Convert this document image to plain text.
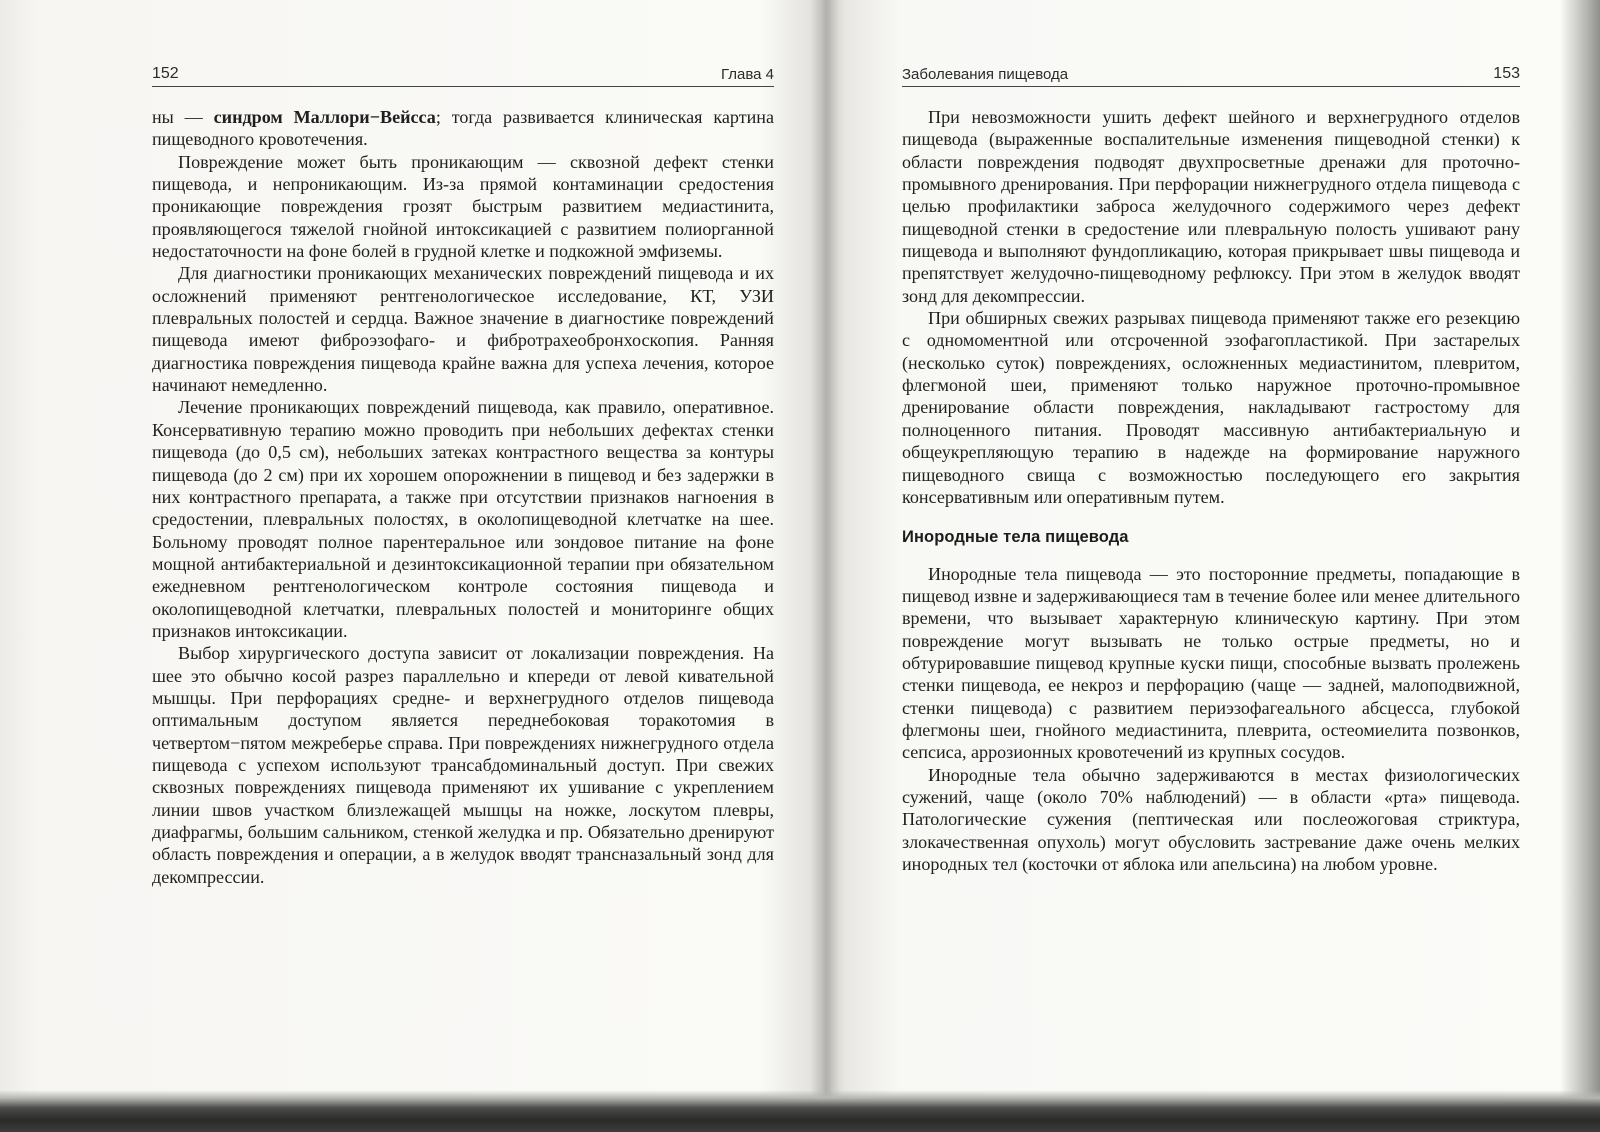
152	Глава 4

ны — синдром Маллори−Вейсса; тогда развивается клиническая картина пищеводного кровотечения.

Повреждение может быть проникающим — сквозной дефект стенки пищевода, и непроникающим. Из-за прямой контаминации средостения проникающие повреждения грозят быстрым развитием медиастинита, проявляющегося тяжелой гнойной интоксикацией с развитием полиорганной недостаточности на фоне болей в грудной клетке и подкожной эмфиземы.

Для диагностики проникающих механических повреждений пищевода и их осложнений применяют рентгенологическое исследование, КТ, УЗИ плевральных полостей и сердца. Важное значение в диагностике повреждений пищевода имеют фиброэзофаго- и фибротрахеобронхоскопия. Ранняя диагностика повреждения пищевода крайне важна для успеха лечения, которое начинают немедленно.

Лечение проникающих повреждений пищевода, как правило, оперативное. Консервативную терапию можно проводить при небольших дефектах стенки пищевода (до 0,5 см), небольших затеках контрастного вещества за контуры пищевода (до 2 см) при их хорошем опорожнении в пищевод и без задержки в них контрастного препарата, а также при отсутствии признаков нагноения в средостении, плевральных полостях, в околопищеводной клетчатке на шее. Больному проводят полное парентеральное или зондовое питание на фоне мощной антибактериальной и дезинтоксикационной терапии при обязательном ежедневном рентгенологическом контроле состояния пищевода и околопищеводной клетчатки, плевральных полостей и мониторинге общих признаков интоксикации.

Выбор хирургического доступа зависит от локализации повреждения. На шее это обычно косой разрез параллельно и кпереди от левой кивательной мышцы. При перфорациях средне- и верхнегрудного отделов пищевода оптимальным доступом является переднебоковая торакотомия в четвертом−пятом межреберье справа. При повреждениях нижнегрудного отдела пищевода с успехом используют трансабдоминальный доступ. При свежих сквозных повреждениях пищевода применяют их ушивание с укреплением линии швов участком близлежащей мышцы на ножке, лоскутом плевры, диафрагмы, большим сальником, стенкой желудка и пр. Обязательно дренируют область повреждения и операции, а в желудок вводят трансназальный зонд для декомпрессии.

Заболевания пищевода	153

При невозможности ушить дефект шейного и верхнегрудного отделов пищевода (выраженные воспалительные изменения пищеводной стенки) к области повреждения подводят двухпросветные дренажи для проточно-промывного дренирования. При перфорации нижнегрудного отдела пищевода с целью профилактики заброса желудочного содержимого через дефект пищеводной стенки в средостение или плевральную полость ушивают рану пищевода и выполняют фундопликацию, которая прикрывает швы пищевода и препятствует желудочно-пищеводному рефлюксу. При этом в желудок вводят зонд для декомпрессии.

При обширных свежих разрывах пищевода применяют также его резекцию с одномоментной или отсроченной эзофагопластикой. При застарелых (несколько суток) повреждениях, осложненных медиастинитом, плевритом, флегмоной шеи, применяют только наружное проточно-промывное дренирование области повреждения, накладывают гастростому для полноценного питания. Проводят массивную антибактериальную и общеукрепляющую терапию в надежде на формирование наружного пищеводного свища с возможностью последующего его закрытия консервативным или оперативным путем.

Инородные тела пищевода

Инородные тела пищевода — это посторонние предметы, попадающие в пищевод извне и задерживающиеся там в течение более или менее длительного времени, что вызывает характерную клиническую картину. При этом повреждение могут вызывать не только острые предметы, но и обтурировавшие пищевод крупные куски пищи, способные вызвать пролежень стенки пищевода, ее некроз и перфорацию (чаще — задней, малоподвижной, стенки пищевода) с развитием периэзофагеального абсцесса, глубокой флегмоны шеи, гнойного медиастинита, плеврита, остеомиелита позвонков, сепсиса, аррозионных кровотечений из крупных сосудов.

Инородные тела обычно задерживаются в местах физиологических сужений, чаще (около 70% наблюдений) — в области «рта» пищевода. Патологические сужения (пептическая или послеожоговая стриктура, злокачественная опухоль) могут обусловить застревание даже очень мелких инородных тел (косточки от яблока или апельсина) на любом уровне.
